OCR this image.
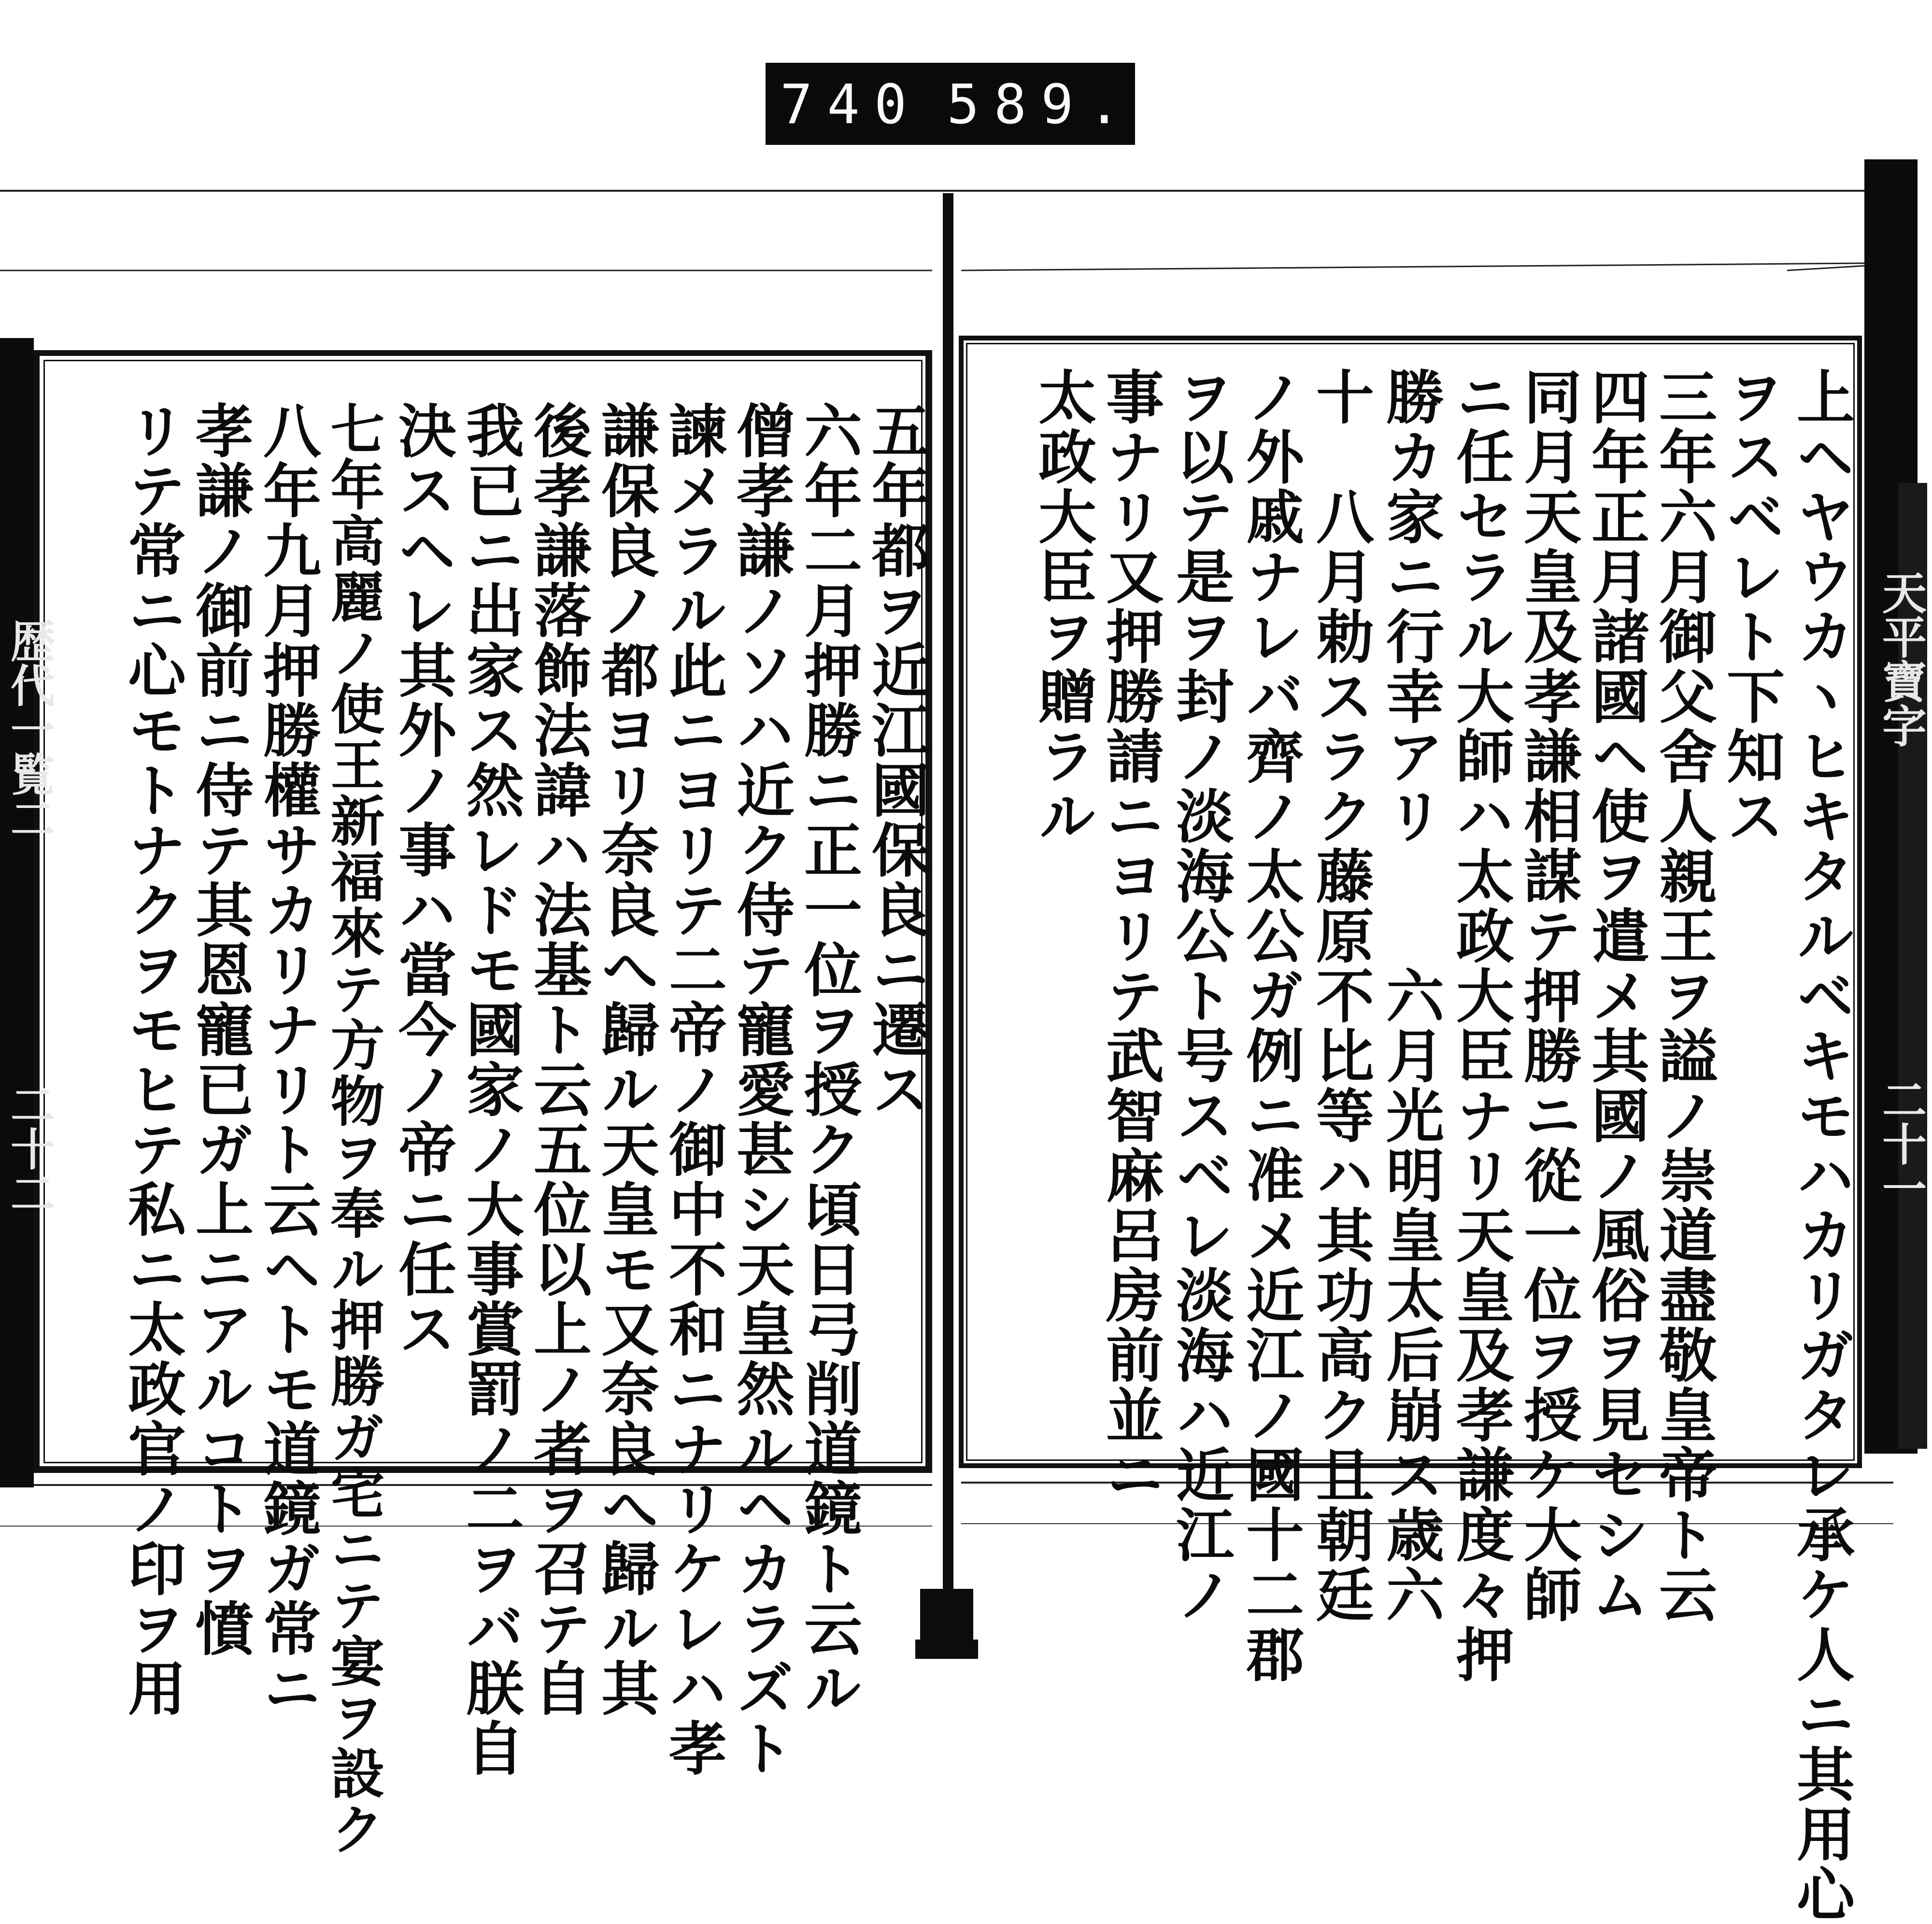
740 589.
上ヘヤウカヽヒキタルベキモハカリガタレ承ケ人ニ其用心
ヲスベレト下知ス
三年六月御父舍人親王ヲ謚ノ崇道盡敬皇帝ト云
四年正月諸國ヘ使ヲ遣メ其國ノ風俗ヲ見セシム
同月天皇及孝謙相謀テ押勝ニ從一位ヲ授ケ大師
ニ任セラル大師ハ太政大臣ナリ天皇及孝謙度々押
勝カ家ニ行幸アリ　　六月光明皇太后崩ス歳六
十　八月勅スラク藤原不比等ハ其功高ク且朝廷
ノ外戚ナレバ齊ノ太公ガ例ニ准メ近江ノ國十二郡
ヲ以テ是ヲ封ノ淡海公ト号スベレ淡海ハ近江ノ
事ナリ又押勝請ニヨリテ武智麻呂房前並ニ
太政大臣ヲ贈ラル	天平寶字
二十一
五年都ヲ近江國保良ニ遷ス
六年二月押勝ニ正一位ヲ授ク頃日弓削道鏡ト云ル
僧孝謙ノソハ近ク侍テ寵愛甚シ天皇然ルヘカラズト
諫メラル此ニヨリテ二帝ノ御中不和ニナリケレハ孝
謙保良ノ都ヨリ奈良へ歸ル天皇モ又奈良へ歸ル其
後孝謙落飾法諱ハ法基ト云五位以上ノ者ヲ召テ自
我已ニ出家ス然レドモ國家ノ大事賞罰ノ二ヲバ朕自
決スヘレ其外ノ事ハ當今ノ帝ニ任ス
七年高麗ノ使王新福來テ方物ヲ奉ル押勝ガ宅ニテ宴ヲ設ク
八年九月押勝權サカリナリト云ヘトモ道鏡ガ常ニ
孝謙ノ御前ニ侍テ其恩寵已ガ上ニアルコトヲ憤
リテ常ニ心モトナクヲモヒテ私ニ太政官ノ印ヲ用
歴代一覧二
二十二
